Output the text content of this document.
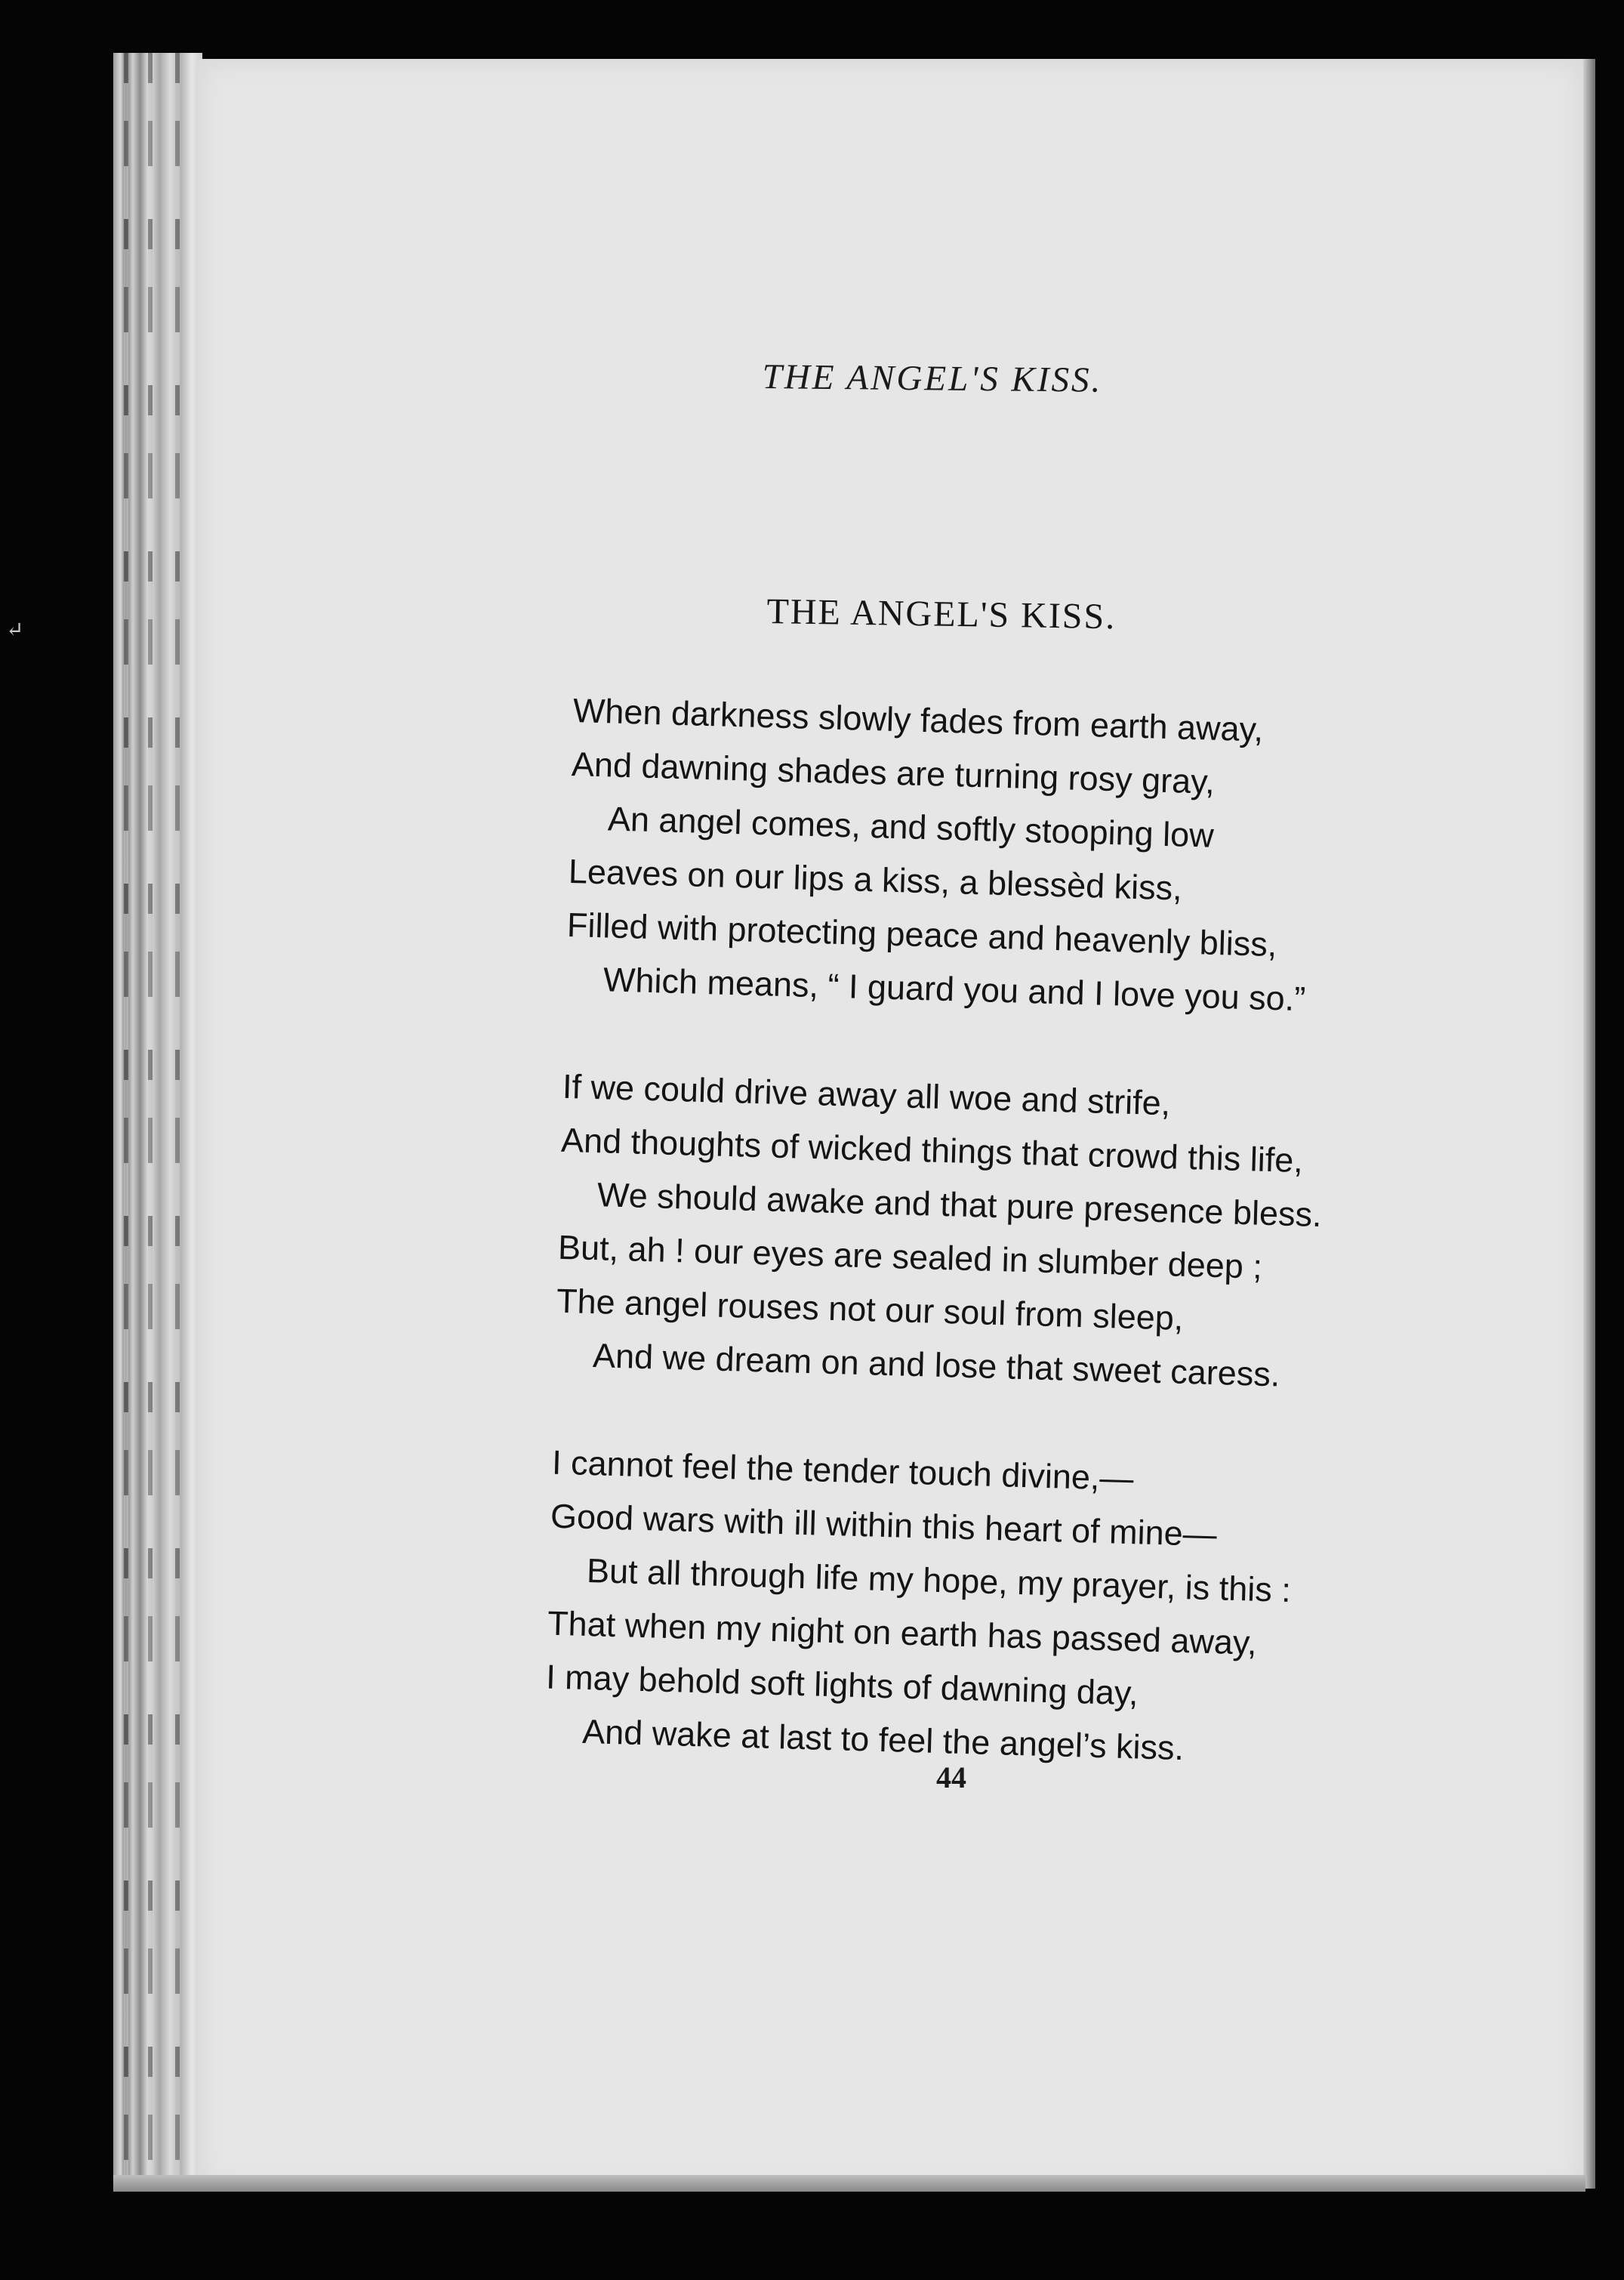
↵
THE ANGEL'S KISS.
THE ANGEL'S KISS.
When darkness slowly fades from earth away,
And dawning shades are turning rosy gray,
An angel comes, and softly stooping low
Leaves on our lips a kiss, a blessèd kiss,
Filled with protecting peace and heavenly bliss,
Which means, “ I guard you and I love you so.”
If we could drive away all woe and strife,
And thoughts of wicked things that crowd this life,
We should awake and that pure presence bless.
But, ah ! our eyes are sealed in slumber deep ;
The angel rouses not our soul from sleep,
And we dream on and lose that sweet caress.
I cannot feel the tender touch divine,—
Good wars with ill within this heart of mine—
But all through life my hope, my prayer, is this :
That when my night on earth has passed away,
I may behold soft lights of dawning day,
And wake at last to feel the angel’s kiss.
44
